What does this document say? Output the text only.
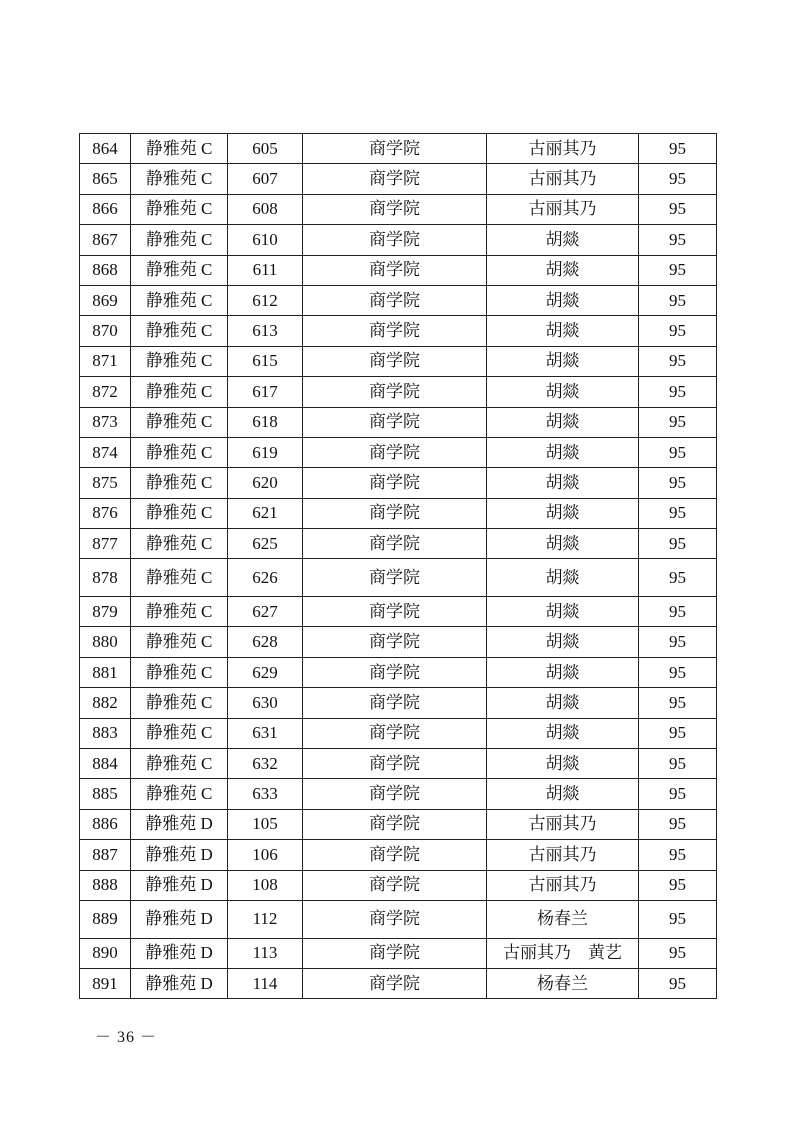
864	静雅苑 C	605	商学院	古丽其乃	95
865	静雅苑 C	607	商学院	古丽其乃	95
866	静雅苑 C	608	商学院	古丽其乃	95
867	静雅苑 C	610	商学院	胡燚	95
868	静雅苑 C	611	商学院	胡燚	95
869	静雅苑 C	612	商学院	胡燚	95
870	静雅苑 C	613	商学院	胡燚	95
871	静雅苑 C	615	商学院	胡燚	95
872	静雅苑 C	617	商学院	胡燚	95
873	静雅苑 C	618	商学院	胡燚	95
874	静雅苑 C	619	商学院	胡燚	95
875	静雅苑 C	620	商学院	胡燚	95
876	静雅苑 C	621	商学院	胡燚	95
877	静雅苑 C	625	商学院	胡燚	95
878	静雅苑 C	626	商学院	胡燚	95
879	静雅苑 C	627	商学院	胡燚	95
880	静雅苑 C	628	商学院	胡燚	95
881	静雅苑 C	629	商学院	胡燚	95
882	静雅苑 C	630	商学院	胡燚	95
883	静雅苑 C	631	商学院	胡燚	95
884	静雅苑 C	632	商学院	胡燚	95
885	静雅苑 C	633	商学院	胡燚	95
886	静雅苑 D	105	商学院	古丽其乃	95
887	静雅苑 D	106	商学院	古丽其乃	95
888	静雅苑 D	108	商学院	古丽其乃	95
889	静雅苑 D	112	商学院	杨春兰	95
890	静雅苑 D	113	商学院	古丽其乃　黄艺	95
891	静雅苑 D	114	商学院	杨春兰	95
－ 36 －
